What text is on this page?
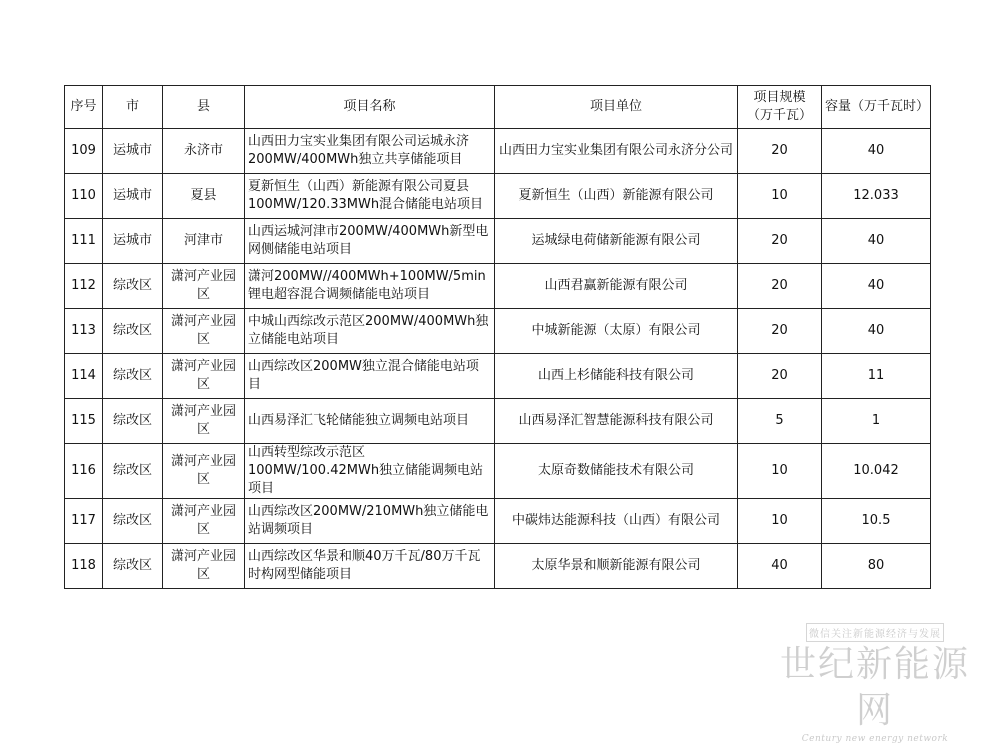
序号	市	县	项目名称	项目单位	项目规模（万千瓦）	容量（万千瓦时）
109	运城市	永济市	山西田力宝实业集团有限公司运城永济200MW/400MWh独立共享储能项目	山西田力宝实业集团有限公司永济分公司	20	40
110	运城市	夏县	夏新恒生（山西）新能源有限公司夏县100MW/120.33MWh混合储能电站项目	夏新恒生（山西）新能源有限公司	10	12.033
111	运城市	河津市	山西运城河津市200MW/400MWh新型电网侧储能电站项目	运城绿电荷储新能源有限公司	20	40
112	综改区	潇河产业园区	潇河200MW//400MWh+100MW/5min锂电超容混合调频储能电站项目	山西君赢新能源有限公司	20	40
113	综改区	潇河产业园区	中城山西综改示范区200MW/400MWh独立储能电站项目	中城新能源（太原）有限公司	20	40
114	综改区	潇河产业园区	山西综改区200MW独立混合储能电站项目	山西上杉储能科技有限公司	20	11
115	综改区	潇河产业园区	山西易泽汇飞轮储能独立调频电站项目	山西易泽汇智慧能源科技有限公司	5	1
116	综改区	潇河产业园区	山西转型综改示范区100MW/100.42MWh独立储能调频电站项目	太原奇数储能技术有限公司	10	10.042
117	综改区	潇河产业园区	山西综改区200MW/210MWh独立储能电站调频项目	中碳炜达能源科技（山西）有限公司	10	10.5
118	综改区	潇河产业园区	山西综改区华景和顺40万千瓦/80万千瓦时构网型储能项目	太原华景和顺新能源有限公司	40	80
微信关注新能源经济与发展
世纪新能源网
Century new energy network
